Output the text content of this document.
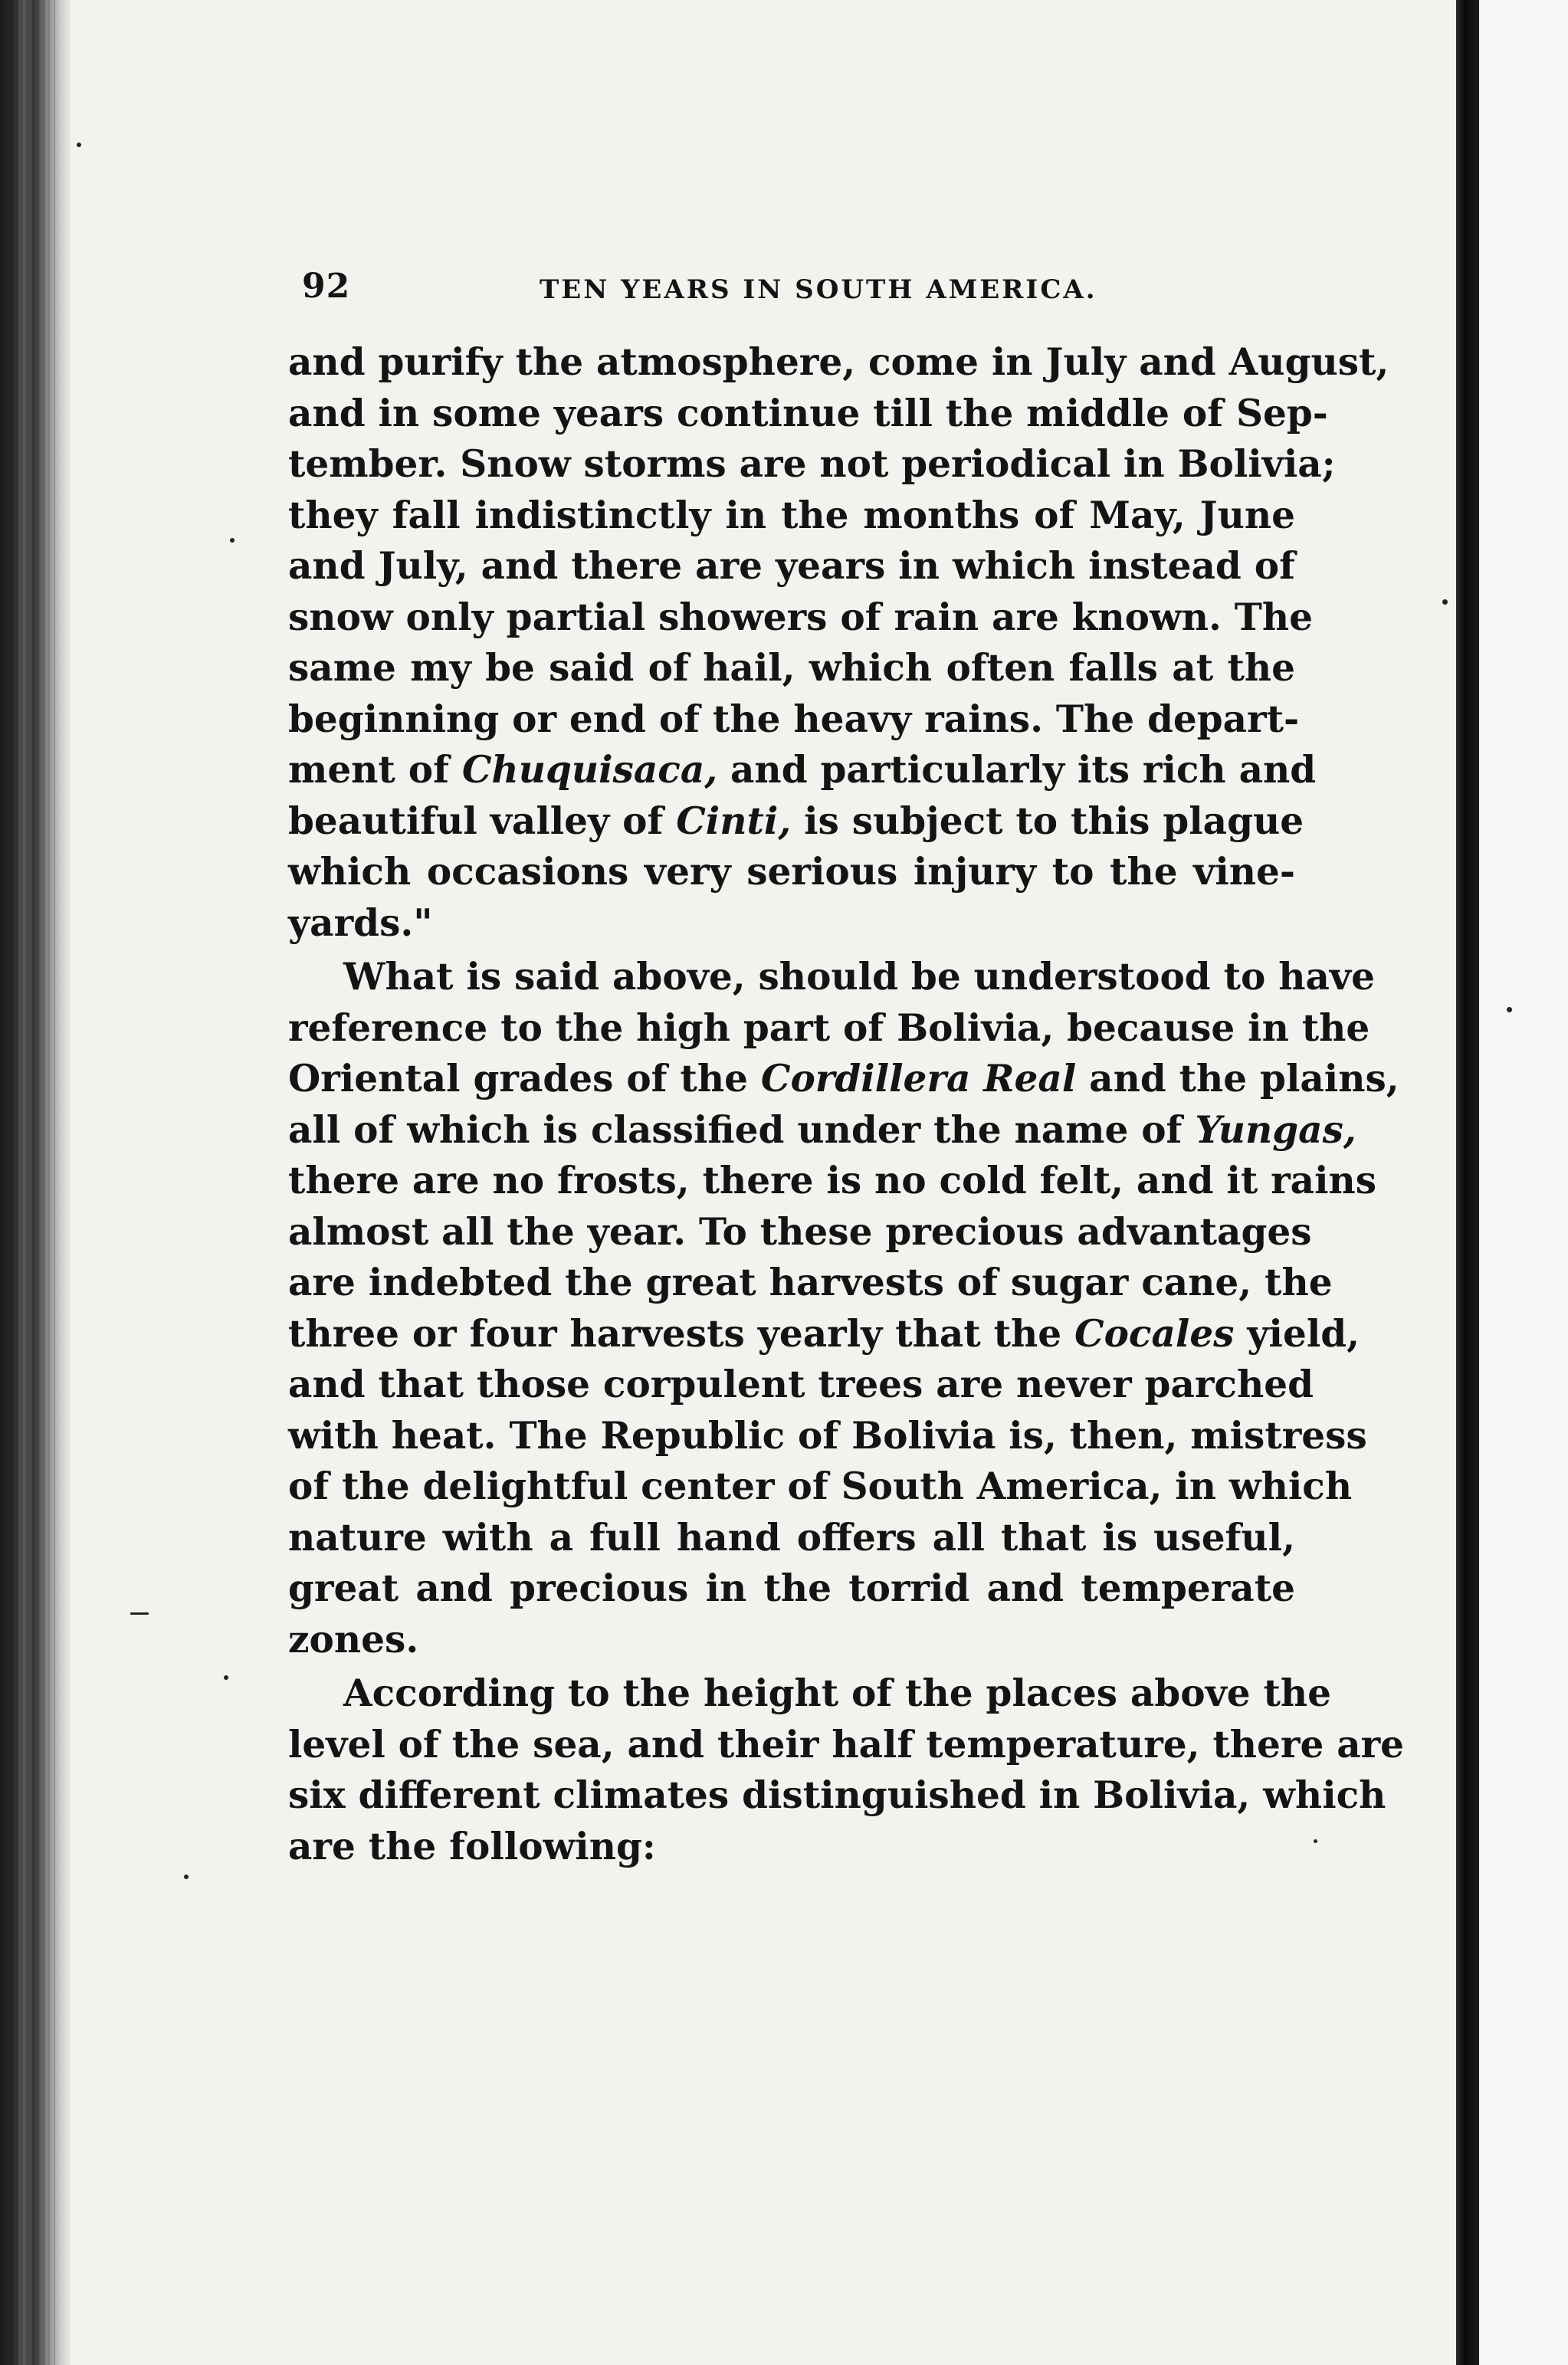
92	TEN YEARS IN SOUTH AMERICA.
and purify the atmosphere, come in July and August,
and in some years continue till the middle of Sep-
tember. Snow storms are not periodical in Bolivia;
they fall indistinctly in the months of May, June
and July, and there are years in which instead of
snow only partial showers of rain are known. The
same my be said of hail, which often falls at the
beginning or end of the heavy rains. The depart-
ment of Chuquisaca, and particularly its rich and
beautiful valley of Cinti, is subject to this plague
which occasions very serious injury to the vine-
yards."
What is said above, should be understood to have
reference to the high part of Bolivia, because in the
Oriental grades of the Cordillera Real and the plains,
all of which is classified under the name of Yungas,
there are no frosts, there is no cold felt, and it rains
almost all the year. To these precious advantages
are indebted the great harvests of sugar cane, the
three or four harvests yearly that the Cocales yield,
and that those corpulent trees are never parched
with heat. The Republic of Bolivia is, then, mistress
of the delightful center of South America, in which
nature with a full hand offers all that is useful,
great and precious in the torrid and temperate
zones.
According to the height of the places above the
level of the sea, and their half temperature, there are
six different climates distinguished in Bolivia, which
are the following:
